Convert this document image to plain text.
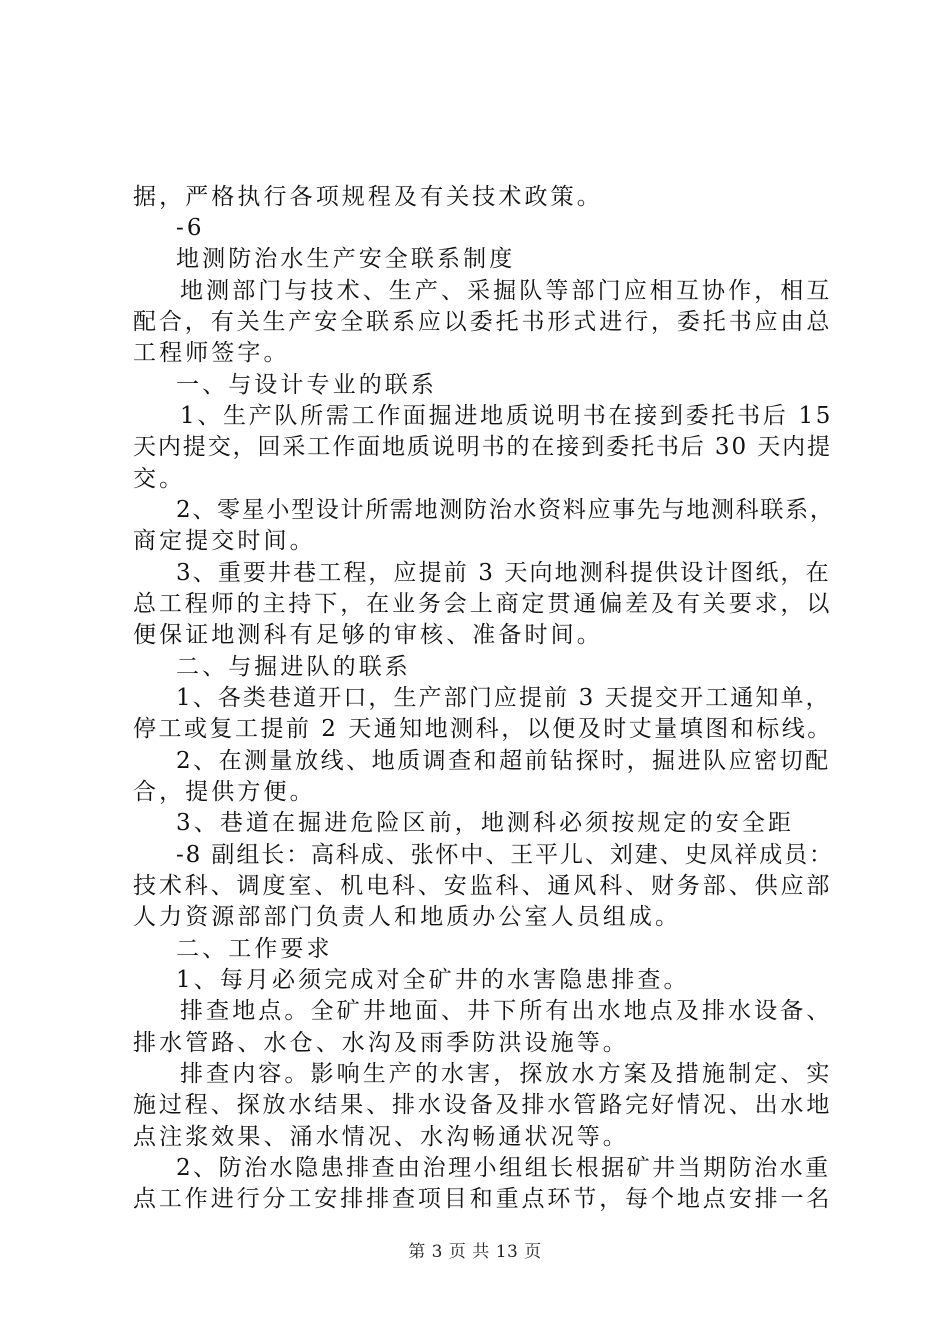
据，严格执行各项规程及有关技术政策。
-6
地测防治水生产安全联系制度
地测部门与技术、生产、采掘队等部门应相互协作，相互
配合，有关生产安全联系应以委托书形式进行，委托书应由总
工程师签字。
一、与设计专业的联系
1、生产队所需工作面掘进地质说明书在接到委托书后 15
天内提交，回采工作面地质说明书的在接到委托书后 30 天内提
交。
2、零星小型设计所需地测防治水资料应事先与地测科联系，
商定提交时间。
3、重要井巷工程，应提前 3 天向地测科提供设计图纸，在
总工程师的主持下，在业务会上商定贯通偏差及有关要求，以
便保证地测科有足够的审核、准备时间。
二、与掘进队的联系
1、各类巷道开口，生产部门应提前 3 天提交开工通知单，
停工或复工提前 2 天通知地测科，以便及时丈量填图和标线。
2、在测量放线、地质调查和超前钻探时，掘进队应密切配
合，提供方便。
3、巷道在掘进危险区前，地测科必须按规定的安全距
-8 副组长：高科成、张怀中、王平儿、刘建、史凤祥成员：
技术科、调度室、机电科、安监科、通风科、财务部、供应部
人力资源部部门负责人和地质办公室人员组成。
二、工作要求
1、每月必须完成对全矿井的水害隐患排查。
排查地点。全矿井地面、井下所有出水地点及排水设备、
排水管路、水仓、水沟及雨季防洪设施等。
排查内容。影响生产的水害，探放水方案及措施制定、实
施过程、探放水结果、排水设备及排水管路完好情况、出水地
点注浆效果、涌水情况、水沟畅通状况等。
2、防治水隐患排查由治理小组组长根据矿井当期防治水重
点工作进行分工安排排查项目和重点环节，每个地点安排一名
第 3 页 共 13 页
